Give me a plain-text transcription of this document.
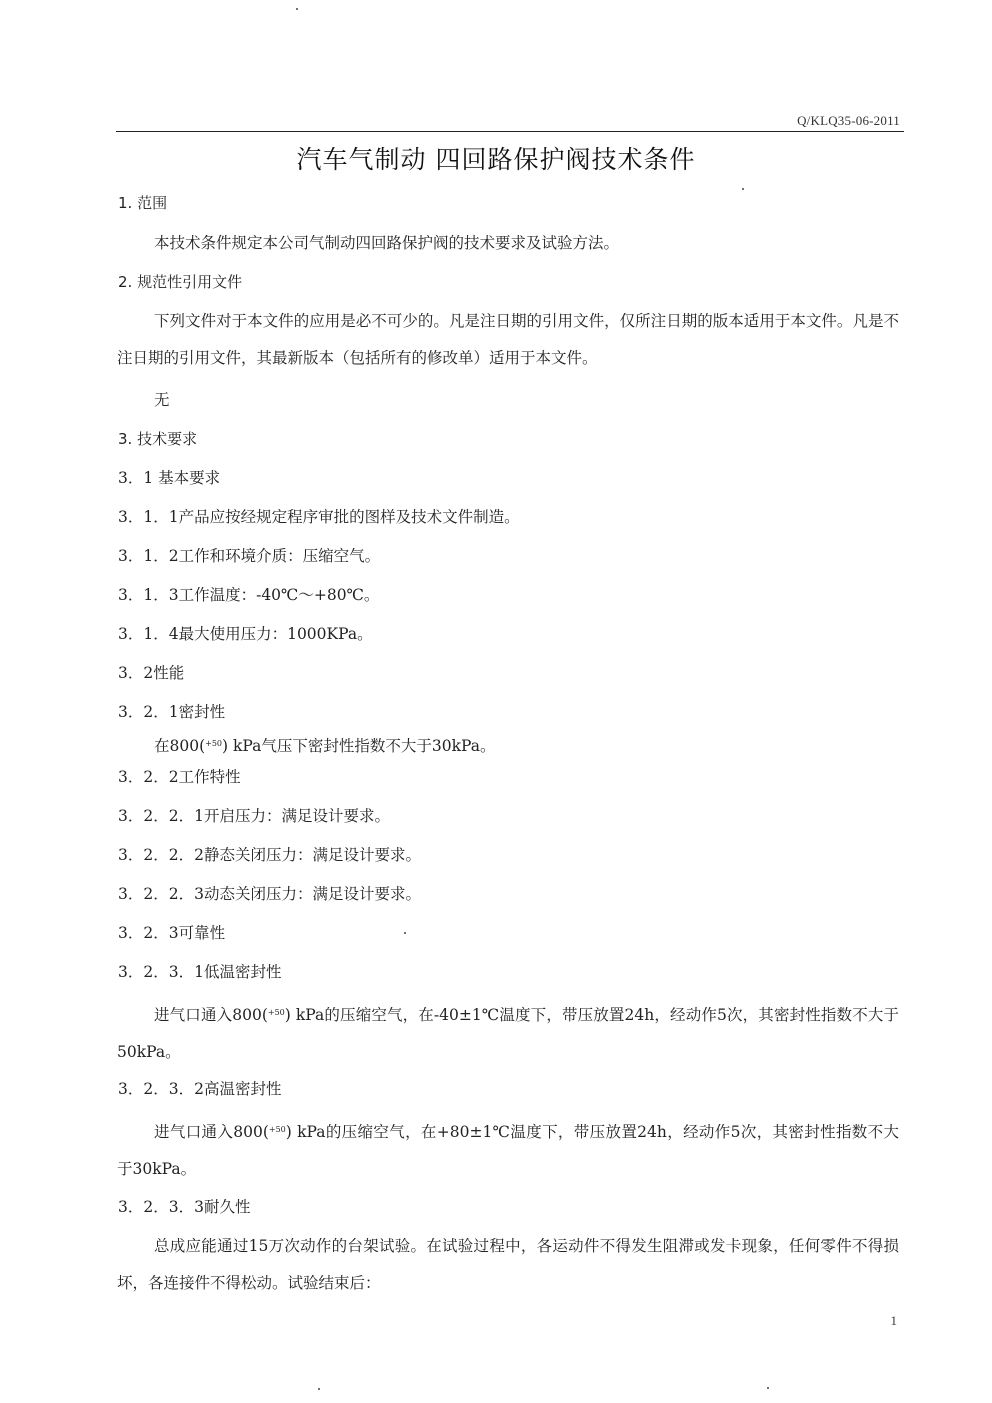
Q/KLQ35-06-2011
汽车气制动 四回路保护阀技术条件
1. 范围
本技术条件规定本公司气制动四回路保护阀的技术要求及试验方法。
2. 规范性引用文件
下列文件对于本文件的应用是必不可少的。凡是注日期的引用文件，仅所注日期的版本适用于本文件。凡是不注日期的引用文件，其最新版本（包括所有的修改单）适用于本文件。
无
3. 技术要求
3．1 基本要求
3．1．1产品应按经规定程序审批的图样及技术文件制造。
3．1．2工作和环境介质：压缩空气。
3．1．3工作温度：-40℃～+80℃。
3．1．4最大使用压力：1000KPa。
3．2性能
3．2．1密封性
在800($^{+50}$) kPa气压下密封性指数不大于30kPa。
3．2．2工作特性
3．2．2．1开启压力：满足设计要求。
3．2．2．2静态关闭压力：满足设计要求。
3．2．2．3动态关闭压力：满足设计要求。
3．2．3可靠性
3．2．3．1低温密封性
进气口通入800($^{+50}$) kPa的压缩空气，在-40±1℃温度下，带压放置24h，经动作5次，其密封性指数不大于50kPa。
3．2．3．2高温密封性
进气口通入800($^{+50}$) kPa的压缩空气，在+80±1℃温度下，带压放置24h，经动作5次，其密封性指数不大于30kPa。
3．2．3．3耐久性
总成应能通过15万次动作的台架试验。在试验过程中，各运动件不得发生阻滞或发卡现象，任何零件不得损坏，各连接件不得松动。试验结束后：
1
